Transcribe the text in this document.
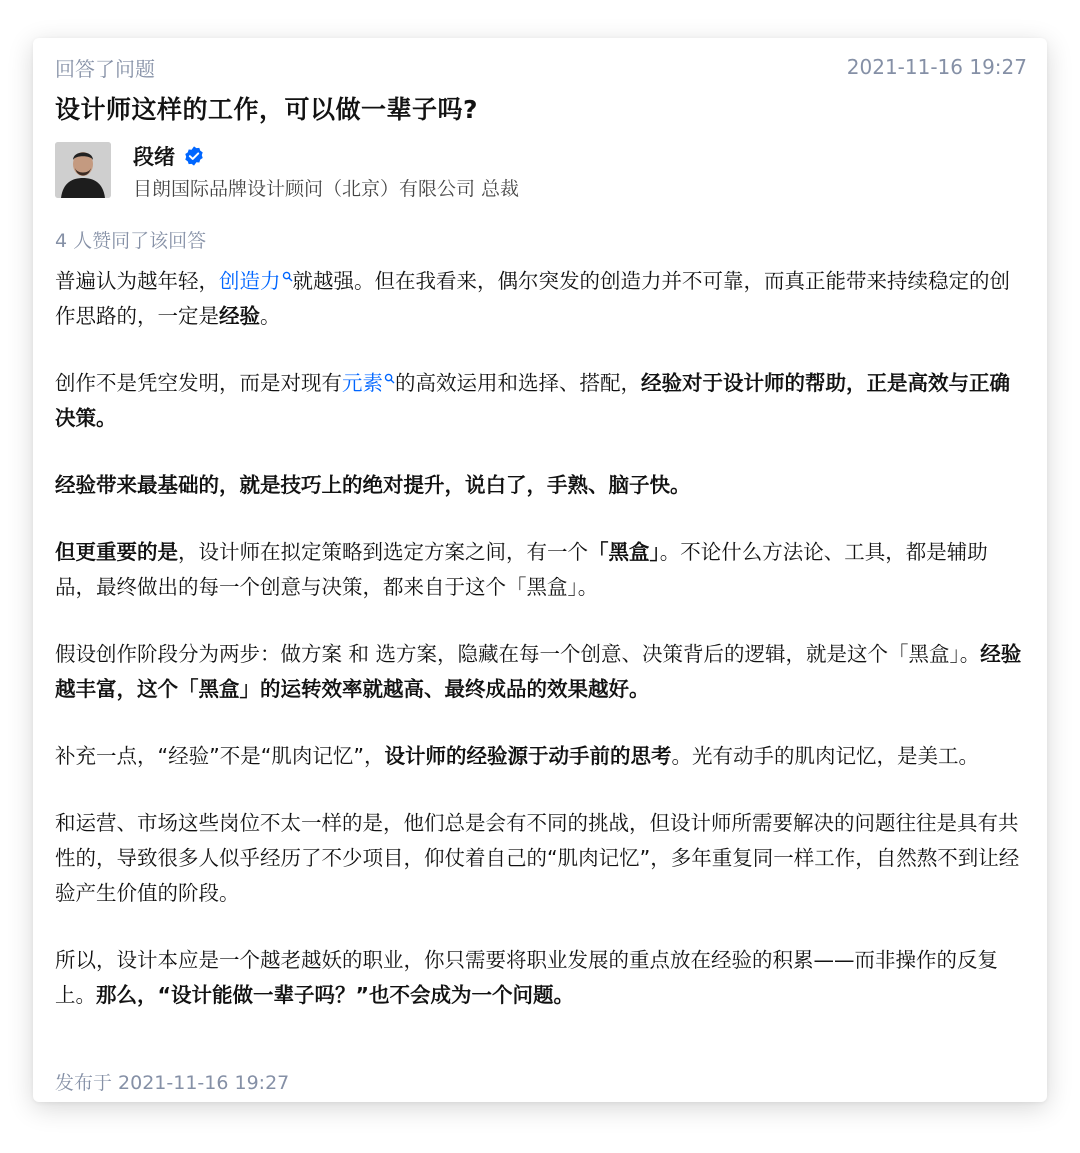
回答了问题	2021-11-16 19:27
设计师这样的工作，可以做一辈子吗?
段绪
目朗国际品牌设计顾问（北京）有限公司 总裁
4 人赞同了该回答

普遍认为越年轻，创造力 就越强。但在我看来，偶尔突发的创造力并不可靠，而真正能带来持续稳定的创作思路的，一定是经验。

创作不是凭空发明，而是对现有元素 的高效运用和选择、搭配，经验对于设计师的帮助，正是高效与正确决策。

经验带来最基础的，就是技巧上的绝对提升，说白了，手熟、脑子快。

但更重要的是，设计师在拟定策略到选定方案之间，有一个「黑盒」。不论什么方法论、工具，都是辅助品，最终做出的每一个创意与决策，都来自于这个「黑盒」。

假设创作阶段分为两步：做方案 和 选方案，隐藏在每一个创意、决策背后的逻辑，就是这个「黑盒」。经验越丰富，这个「黑盒」的运转效率就越高、最终成品的效果越好。

补充一点，“经验”不是“肌肉记忆”，设计师的经验源于动手前的思考。光有动手的肌肉记忆，是美工。

和运营、市场这些岗位不太一样的是，他们总是会有不同的挑战，但设计师所需要解决的问题往往是具有共性的，导致很多人似乎经历了不少项目，仰仗着自己的“肌肉记忆”，多年重复同一样工作，自然熬不到让经验产生价值的阶段。

所以，设计本应是一个越老越妖的职业，你只需要将职业发展的重点放在经验的积累——而非操作的反复上。那么，“设计能做一辈子吗？”也不会成为一个问题。

发布于 2021-11-16 19:27
